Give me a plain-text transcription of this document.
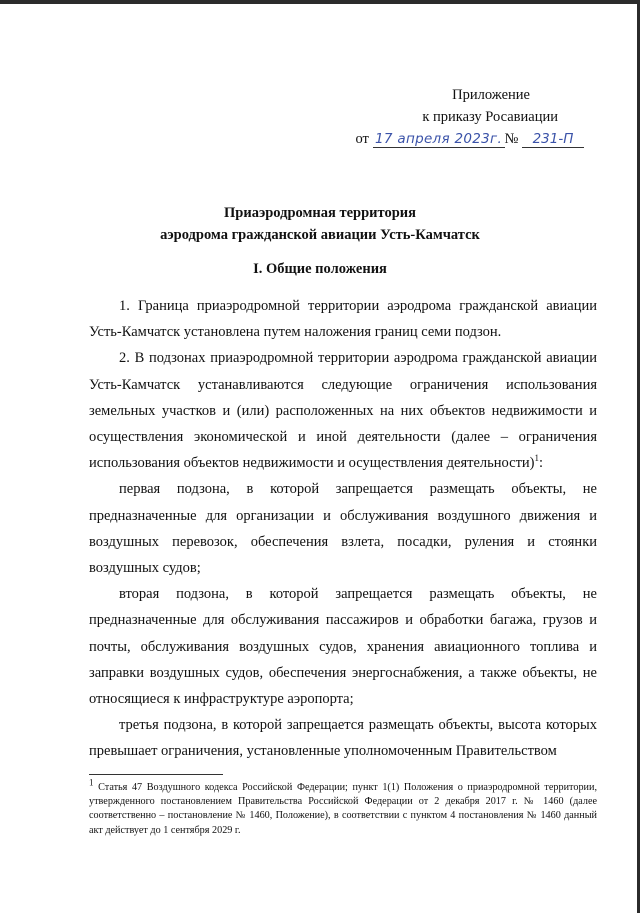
Приложение
к приказу Росавиации
от 17 апреля 2023г. № 231-П
Приаэродромная территория
аэродрома гражданской авиации Усть-Камчатск
I. Общие положения

1. Граница приаэродромной территории аэродрома гражданской авиации Усть-Камчатск установлена путем наложения границ семи подзон.

2. В подзонах приаэродромной территории аэродрома гражданской авиации Усть-Камчатск устанавливаются следующие ограничения использования земельных участков и (или) расположенных на них объектов недвижимости и осуществления экономической и иной деятельности (далее – ограничения использования объектов недвижимости и осуществления деятельности)$^1$:

первая подзона, в которой запрещается размещать объекты, не предназначенные для организации и обслуживания воздушного движения и воздушных перевозок, обеспечения взлета, посадки, руления и стоянки воздушных судов;

вторая подзона, в которой запрещается размещать объекты, не предназначенные для обслуживания пассажиров и обработки багажа, грузов и почты, обслуживания воздушных судов, хранения авиационного топлива и заправки воздушных судов, обеспечения энергоснабжения, а также объекты, не относящиеся к инфраструктуре аэропорта;

третья подзона, в которой запрещается размещать объекты, высота которых превышает ограничения, установленные уполномоченным Правительством

$^1$ Статья 47 Воздушного кодекса Российской Федерации; пункт 1(1) Положения о приаэродромной территории, утвержденного постановлением Правительства Российской Федерации от 2 декабря 2017 г. № 1460 (далее соответственно – постановление № 1460, Положение), в соответствии с пунктом 4 постановления № 1460 данный акт действует до 1 сентября 2029 г.
